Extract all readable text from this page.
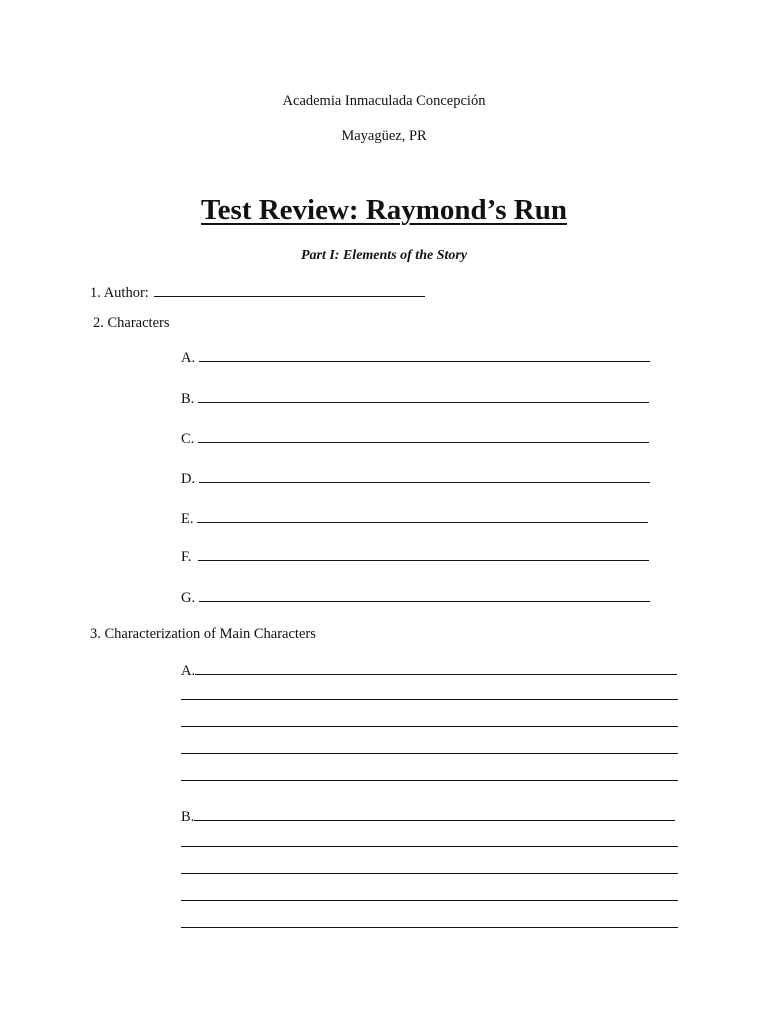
Academia Inmaculada Concepción
Mayagüez, PR
Test Review: Raymond’s Run
Part I: Elements of the Story
1. Author:
2. Characters
A.
B.
C.
D.
E.
F.
G.
3. Characterization of Main Characters
A.
B.
